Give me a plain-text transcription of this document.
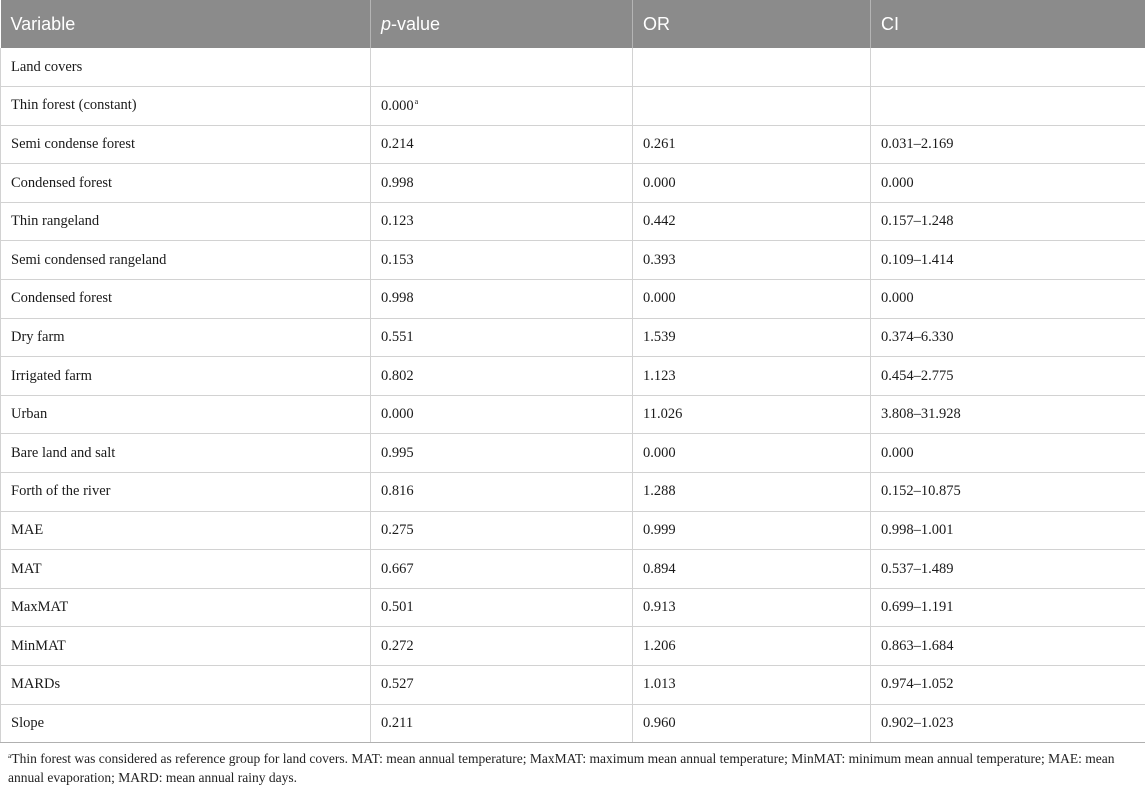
Variable	p-value	OR	CI
Land covers			
Thin forest (constant)	0.000$^a$		
Semi condense forest	0.214	0.261	0.031–2.169
Condensed forest	0.998	0.000	0.000
Thin rangeland	0.123	0.442	0.157–1.248
Semi condensed rangeland	0.153	0.393	0.109–1.414
Condensed forest	0.998	0.000	0.000
Dry farm	0.551	1.539	0.374–6.330
Irrigated farm	0.802	1.123	0.454–2.775
Urban	0.000	11.026	3.808–31.928
Bare land and salt	0.995	0.000	0.000
Forth of the river	0.816	1.288	0.152–10.875
MAE	0.275	0.999	0.998–1.001
MAT	0.667	0.894	0.537–1.489
MaxMAT	0.501	0.913	0.699–1.191
MinMAT	0.272	1.206	0.863–1.684
MARDs	0.527	1.013	0.974–1.052
Slope	0.211	0.960	0.902–1.023
$^a$Thin forest was considered as reference group for land covers. MAT: mean annual temperature; MaxMAT: maximum mean annual temperature; MinMAT: minimum mean annual temperature; MAE: mean annual evaporation; MARD: mean annual rainy days.
